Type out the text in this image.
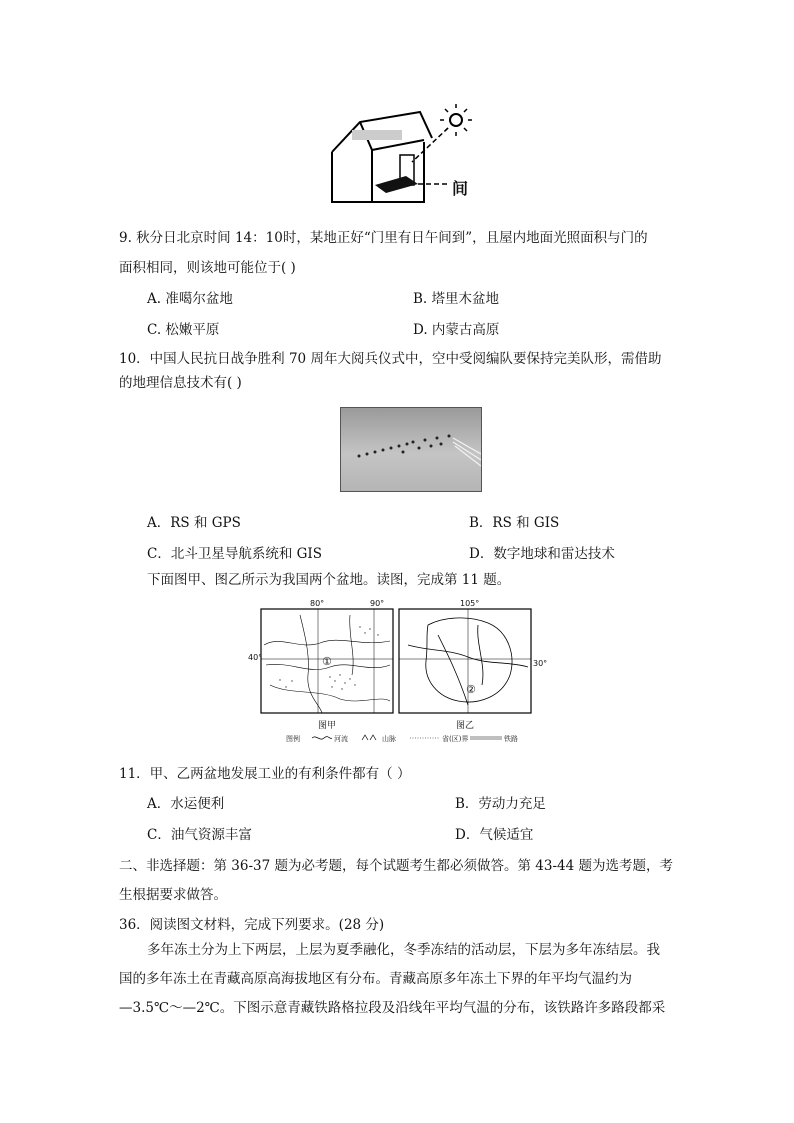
间
9. 秋分日北京时间 14：10时，某地正好“门里有日午间到”，且屋内地面光照面积与门的
面积相同，则该地可能位于( )
A. 准噶尔盆地	B. 塔里木盆地
C. 松嫩平原	D. 内蒙古高原
10．中国人民抗日战争胜利 70 周年大阅兵仪式中，空中受阅编队要保持完美队形，需借助
的地理信息技术有( )
A．RS 和 GPS	B．RS 和 GIS
C．北斗卫星导航系统和 GIS	D．数字地球和雷达技术
下面图甲、图乙所示为我国两个盆地。读图，完成第 11 题。
80°	90°
40°	①
图甲
105°
30°
②
图乙
图例	河流	山脉	省(区)界	铁路
11．甲、乙两盆地发展工业的有利条件都有（ ）
A．水运便利	B．劳动力充足
C．油气资源丰富	D．气候适宜
二、非选择题：第 36-37 题为必考题，每个试题考生都必须做答。第 43-44 题为选考题，考
生根据要求做答。
36．阅读图文材料，完成下列要求。(28 分)
多年冻土分为上下两层，上层为夏季融化，冬季冻结的活动层，下层为多年冻结层。我
国的多年冻土在青藏高原高海拔地区有分布。青藏高原多年冻土下界的年平均气温约为
—3.5℃～—2℃。下图示意青藏铁路格拉段及沿线年平均气温的分布，该铁路许多路段都采
